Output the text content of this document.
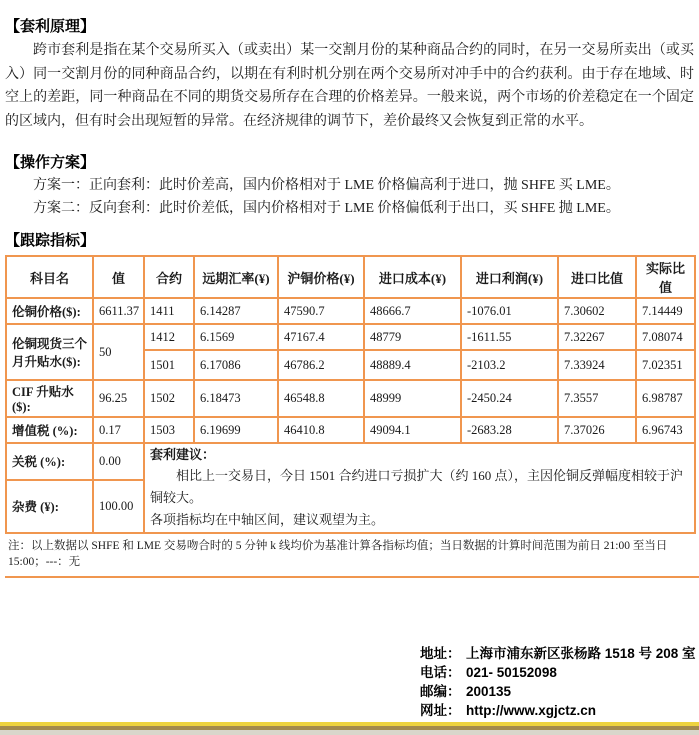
【套利原理】

跨市套利是指在某个交易所买入（或卖出）某一交割月份的某种商品合约的同时，在另一交易所卖出（或买入）同一交割月份的同种商品合约，以期在有利时机分别在两个交易所对冲手中的合约获利。由于存在地域、时空上的差距，同一种商品在不同的期货交易所存在合理的价格差异。一般来说，两个市场的价差稳定在一个固定的区域内，但有时会出现短暂的异常。在经济规律的调节下，差价最终又会恢复到正常的水平。

【操作方案】
方案一：正向套利：此时价差高，国内价格相对于 LME 价格偏高利于进口，抛 SHFE 买 LME。
方案二：反向套利：此时价差低，国内价格相对于 LME 价格偏低利于出口，买 SHFE 抛 LME。
【跟踪指标】
科目名	值	合约	远期汇率(¥)	沪铜价格(¥)	进口成本(¥)	进口利润(¥)	进口比值	实际比值
伦铜价格($):	6611.37	1411	6.14287	47590.7	48666.7	-1076.01	7.30602	7.14449
伦铜现货三个月升贴水($):	50	1412	6.1569	47167.4	48779	-1611.55	7.32267	7.08074
		1501	6.17086	46786.2	48889.4	-2103.2	7.33924	7.02351
CIF 升贴水($):	96.25	1502	6.18473	46548.8	48999	-2450.24	7.3557	6.98787
增值税 (%):	0.17	1503	6.19699	46410.8	49094.1	-2683.28	7.37026	6.96743
关税 (%):	0.00	套利建议：
相比上一交易日，今日 1501 合约进口亏损扩大（约 160 点），主因伦铜反弹幅度相较于沪铜较大。
各项指标均在中轴区间，建议观望为主。						

杂费 (¥):	100.00							
注：以上数据以 SHFE 和 LME 交易吻合时的 5 分钟 k 线均价为基准计算各指标均值；当日数据的计算时间范围为前日 21:00 至当日 15:00；---：无
地址： 上海市浦东新区张杨路 1518 号 208 室
电话： 021- 50152098
邮编： 200135
网址： http://www.xgjctz.cn
